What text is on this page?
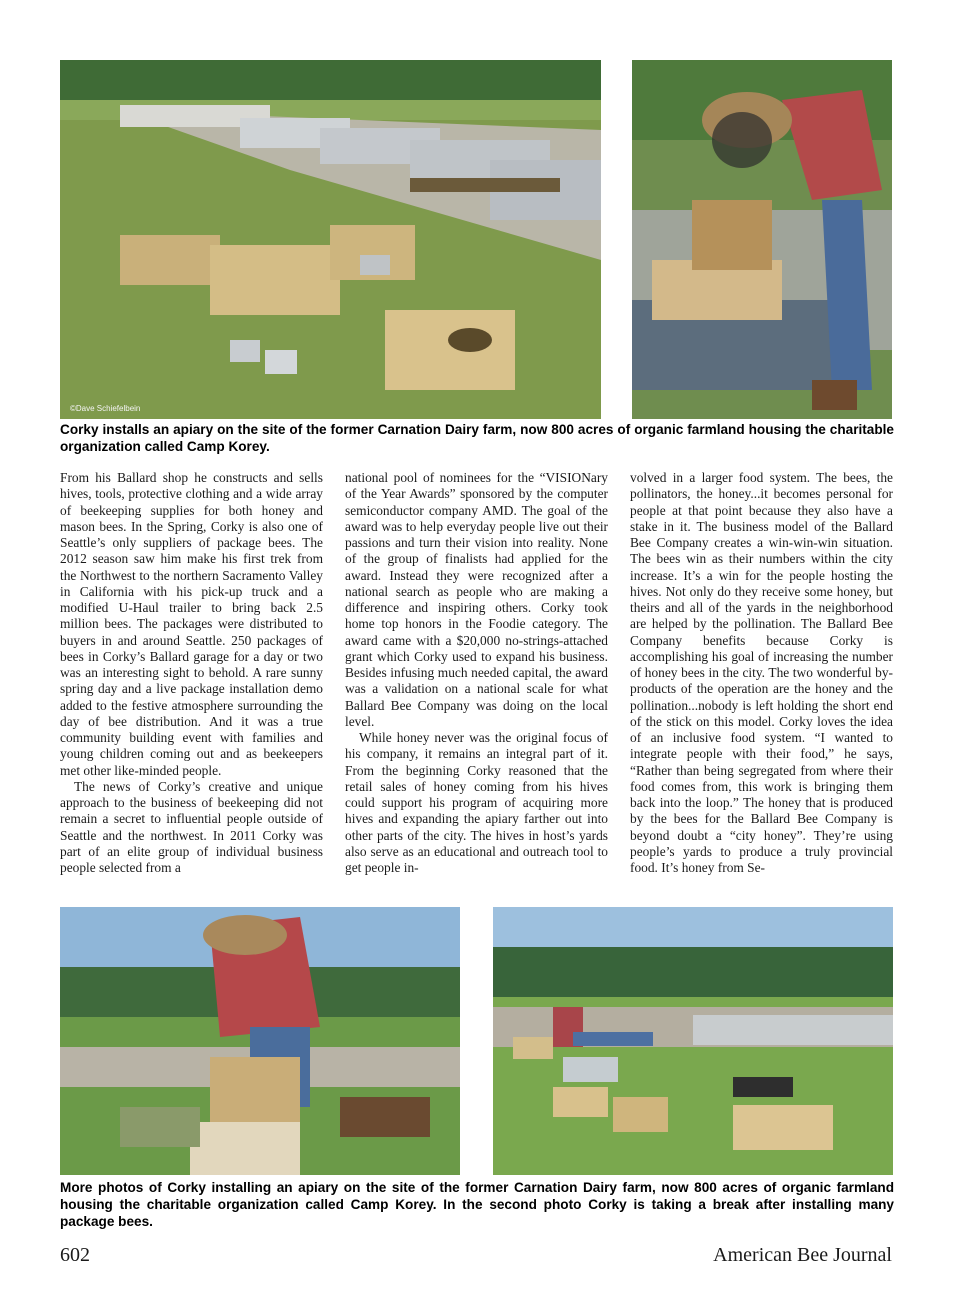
©Dave Schiefelbein
Corky installs an apiary on the site of the former Carnation Dairy farm, now 800 acres of organic farmland housing the charitable organization called Camp Korey.

From his Ballard shop he constructs and sells hives, tools, protective clothing and a wide array of beekeeping supplies for both honey and mason bees. In the Spring, Corky is also one of Seattle’s only suppliers of package bees. The 2012 season saw him make his first trek from the Northwest to the northern Sacramento Valley in California with his pick-up truck and a modified U-Haul trailer to bring back 2.5 million bees. The packages were distributed to buyers in and around Seattle. 250 packages of bees in Corky’s Ballard garage for a day or two was an interesting sight to behold. A rare sunny spring day and a live package installation demo added to the festive atmosphere surrounding the day of bee distribution. And it was a true community building event with families and young children coming out and as beekeepers met other like-minded people.

The news of Corky’s creative and unique approach to the business of beekeeping did not remain a secret to influential people outside of Seattle and the northwest. In 2011 Corky was part of an elite group of individual business people selected from a

national pool of nominees for the “VISIONary of the Year Awards” sponsored by the computer semiconductor company AMD. The goal of the award was to help everyday people live out their passions and turn their vision into reality. None of the group of finalists had applied for the award. Instead they were recognized after a national search as people who are making a difference and inspiring others. Corky took home top honors in the Foodie category. The award came with a $20,000 no-strings-attached grant which Corky used to expand his business. Besides infusing much needed capital, the award was a validation on a national scale for what Ballard Bee Company was doing on the local level.

While honey never was the original focus of his company, it remains an integral part of it. From the beginning Corky reasoned that the retail sales of honey coming from his hives could support his program of acquiring more hives and expanding the apiary farther out into other parts of the city. The hives in host’s yards also serve as an educational and outreach tool to get people in-

volved in a larger food system. The bees, the pollinators, the honey...it becomes personal for people at that point because they also have a stake in it. The business model of the Ballard Bee Company creates a win-win-win situation. The bees win as their numbers within the city increase. It’s a win for the people hosting the hives. Not only do they receive some honey, but theirs and all of the yards in the neighborhood are helped by the pollination. The Ballard Bee Company benefits because Corky is accomplishing his goal of increasing the number of honey bees in the city. The two wonderful by-products of the operation are the honey and the pollination...nobody is left holding the short end of the stick on this model. Corky loves the idea of an inclusive food system. “I wanted to integrate people with their food,” he says, “Rather than being segregated from where their food comes from, this work is bringing them back into the loop.” The honey that is produced by the bees for the Ballard Bee Company is beyond doubt a “city honey”. They’re using people’s yards to produce a truly provincial food. It’s honey from Se-

More photos of Corky installing an apiary on the site of the former Carnation Dairy farm, now 800 acres of organic farmland housing the charitable organization called Camp Korey. In the second photo Corky is taking a break after installing many package bees.
602	American Bee Journal
